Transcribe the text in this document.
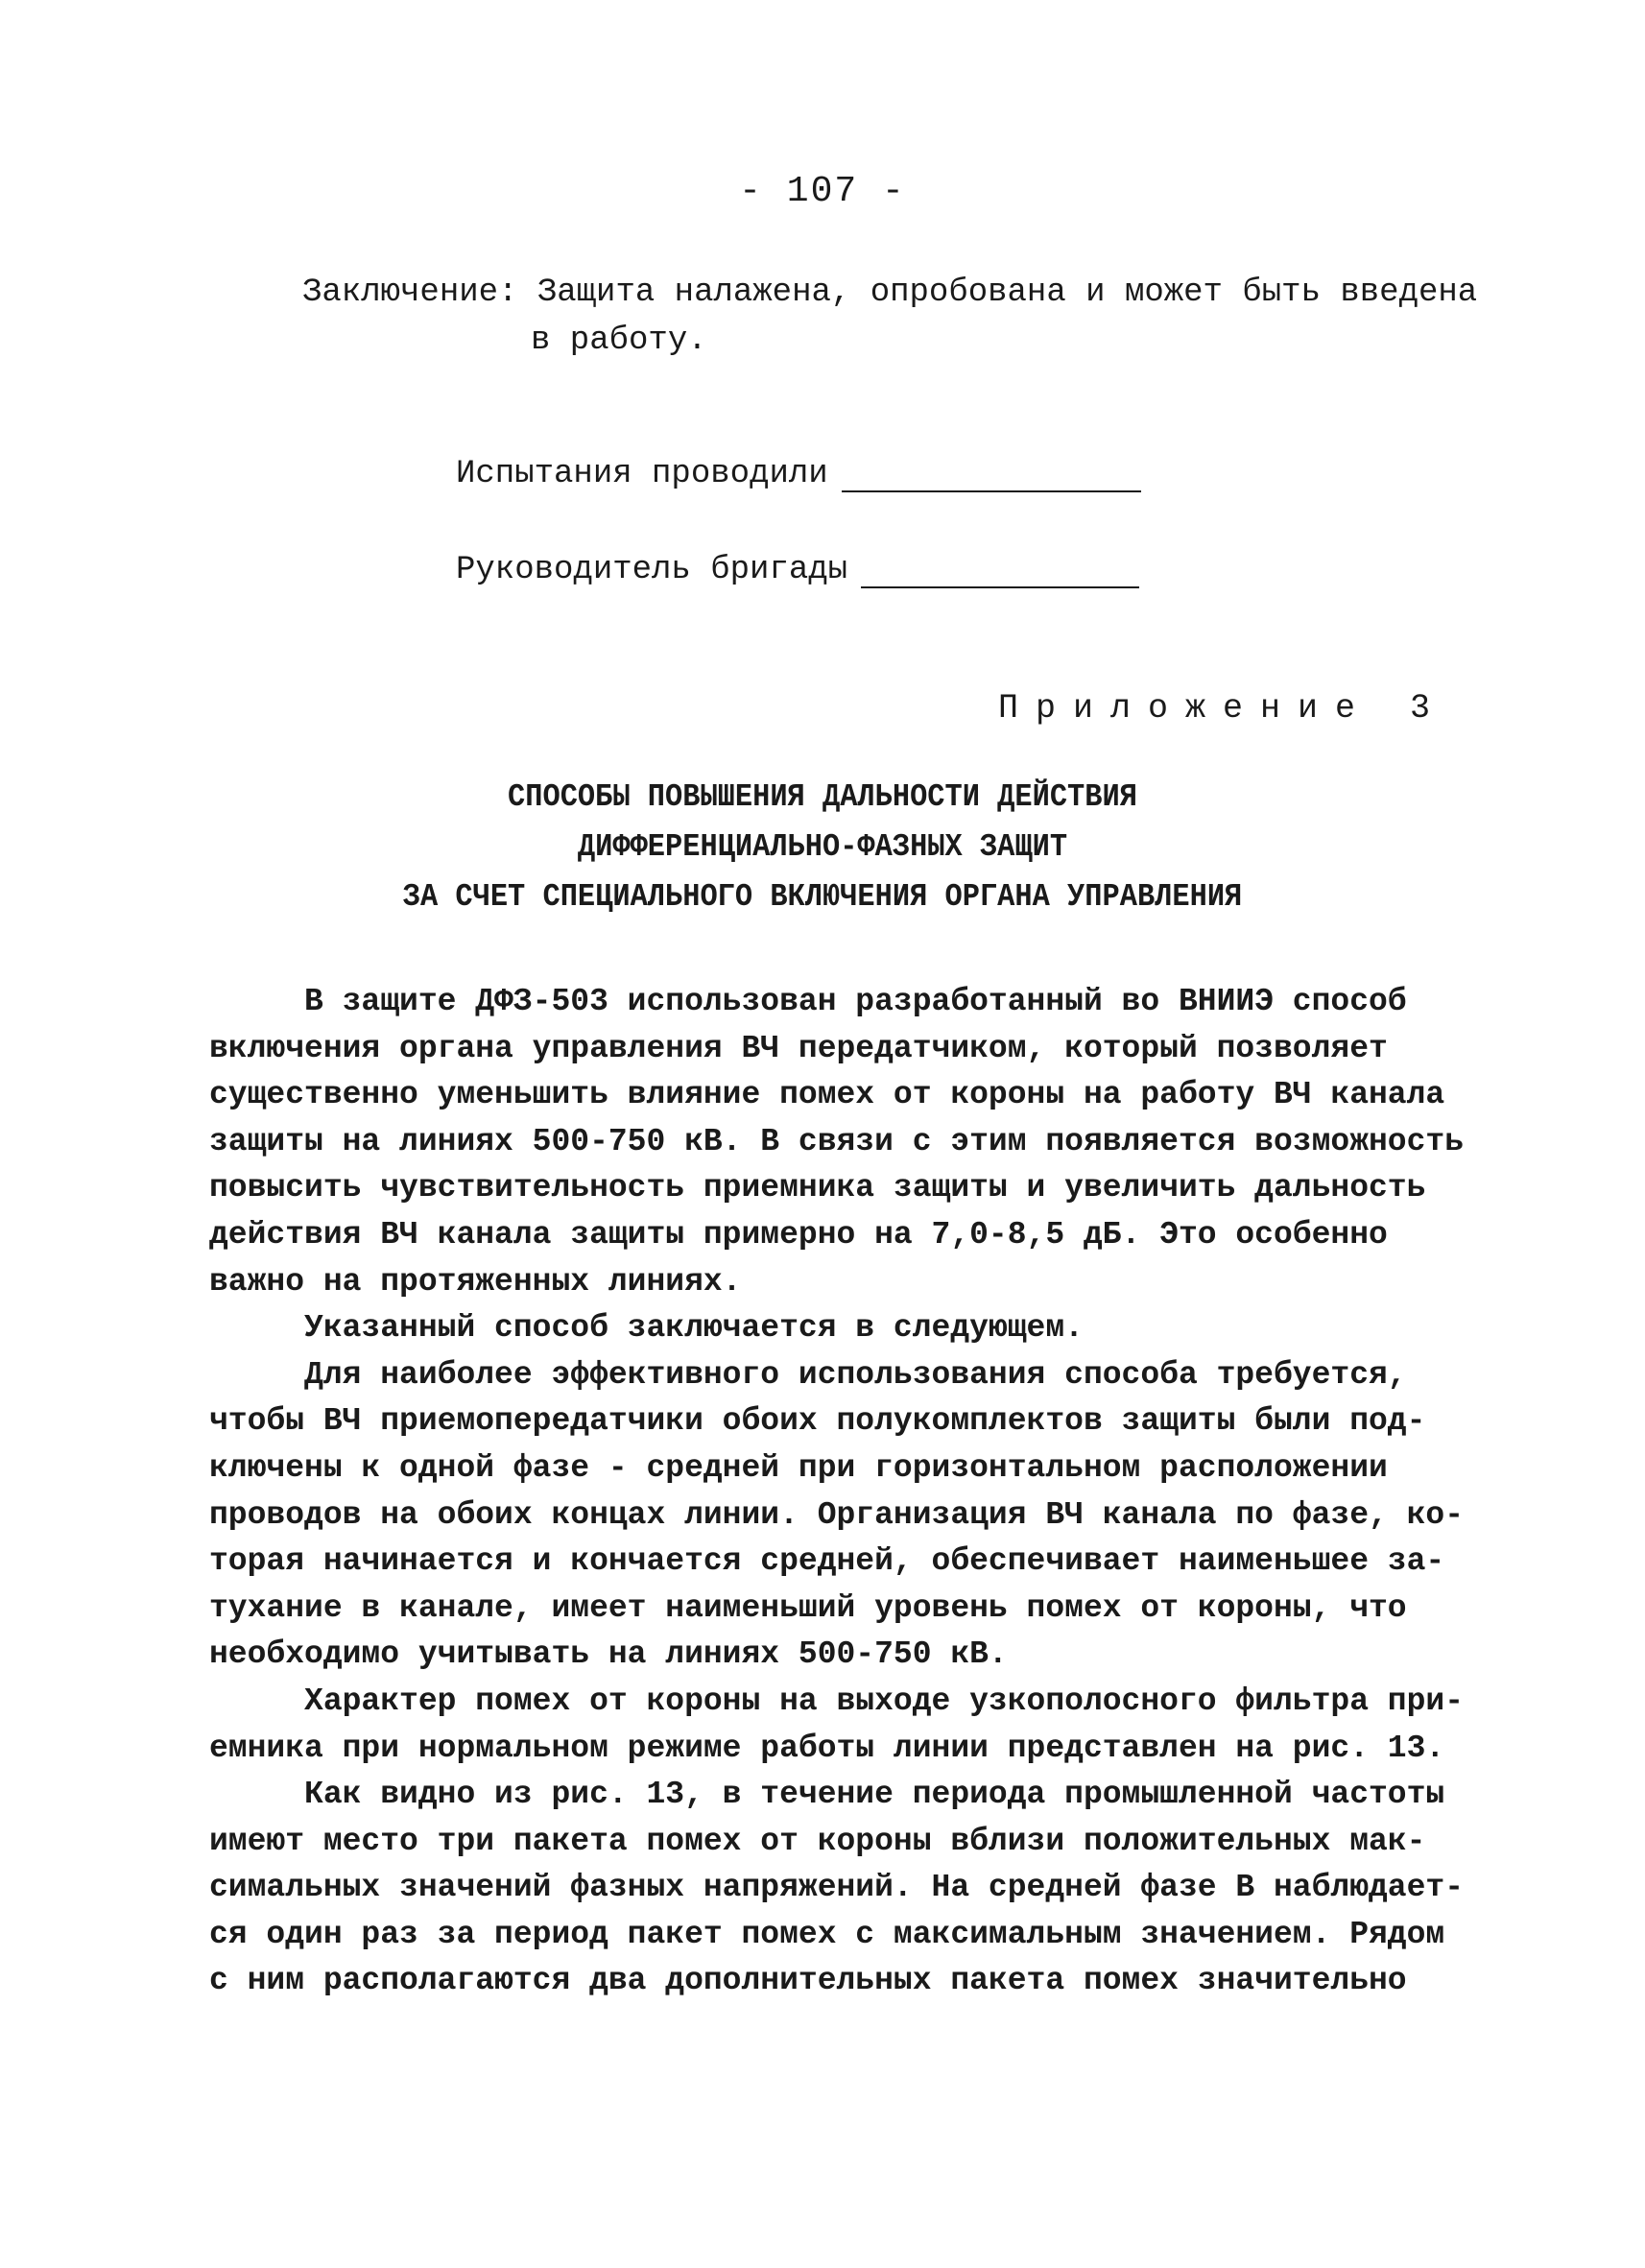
- 107 -
Заключение: Защита налажена, опробована и может быть введена
в работу.
Испытания проводили
Руководитель бригады
Приложение 3
СПОСОБЫ ПОВЫШЕНИЯ ДАЛЬНОСТИ ДЕЙСТВИЯ
ДИФФЕРЕНЦИАЛЬНО-ФАЗНЫХ ЗАЩИТ
ЗА СЧЕТ СПЕЦИАЛЬНОГО ВКЛЮЧЕНИЯ ОРГАНА УПРАВЛЕНИЯ
В защите ДФЗ-503 использован разработанный во ВНИИЭ способ
включения органа управления ВЧ передатчиком, который позволяет
существенно уменьшить влияние помех от короны на работу ВЧ канала
защиты на линиях 500-750 кВ. В связи с этим появляется возможность
повысить чувствительность приемника защиты и увеличить дальность
действия ВЧ канала защиты примерно на 7,0-8,5 дБ. Это особенно
важно на протяженных линиях.
Указанный способ заключается в следующем.
Для наиболее эффективного использования способа требуется,
чтобы ВЧ приемопередатчики обоих полукомплектов защиты были под-
ключены к одной фазе - средней при горизонтальном расположении
проводов на обоих концах линии. Организация ВЧ канала по фазе, ко-
торая начинается и кончается средней, обеспечивает наименьшее за-
тухание в канале, имеет наименьший уровень помех от короны, что
необходимо учитывать на линиях 500-750 кВ.
Характер помех от короны на выходе узкополосного фильтра при-
емника при нормальном режиме работы линии представлен на рис. 13.
Как видно из рис. 13, в течение периода промышленной частоты
имеют место три пакета помех от короны вблизи положительных мак-
симальных значений фазных напряжений. На средней фазе В наблюдает-
ся один раз за период пакет помех с максимальным значением. Рядом
с ним располагаются два дополнительных пакета помех значительно
